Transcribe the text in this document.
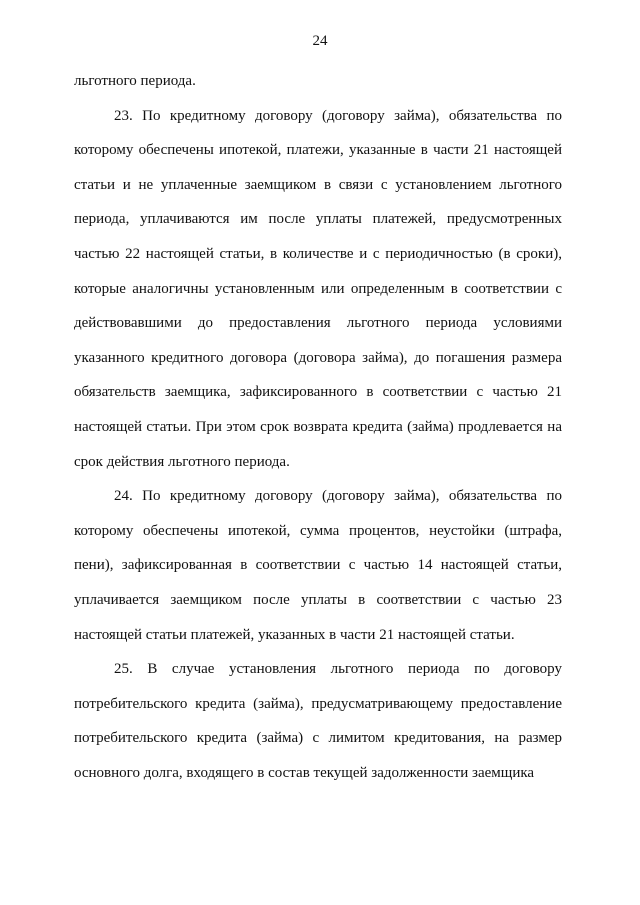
24

льготного периода.

23. По кредитному договору (договору займа), обязательства по которому обеспечены ипотекой, платежи, указанные в части 21 настоящей статьи и не уплаченные заемщиком в связи с установлением льготного периода, уплачиваются им после уплаты платежей, предусмотренных частью 22 настоящей статьи, в количестве и с периодичностью (в сроки), которые аналогичны установленным или определенным в соответствии с действовавшими до предоставления льготного периода условиями указанного кредитного договора (договора займа), до погашения размера обязательств заемщика, зафиксированного в соответствии с частью 21 настоящей статьи. При этом срок возврата кредита (займа) продлевается на срок действия льготного периода.

24. По кредитному договору (договору займа), обязательства по которому обеспечены ипотекой, сумма процентов, неустойки (штрафа, пени), зафиксированная в соответствии с частью 14 настоящей статьи, уплачивается заемщиком после уплаты в соответствии с частью 23 настоящей статьи платежей, указанных в части 21 настоящей статьи.

25. В случае установления льготного периода по договору потребительского кредита (займа), предусматривающему предоставление потребительского кредита (займа) с лимитом кредитования, на размер основного долга, входящего в состав текущей задолженности заемщика
